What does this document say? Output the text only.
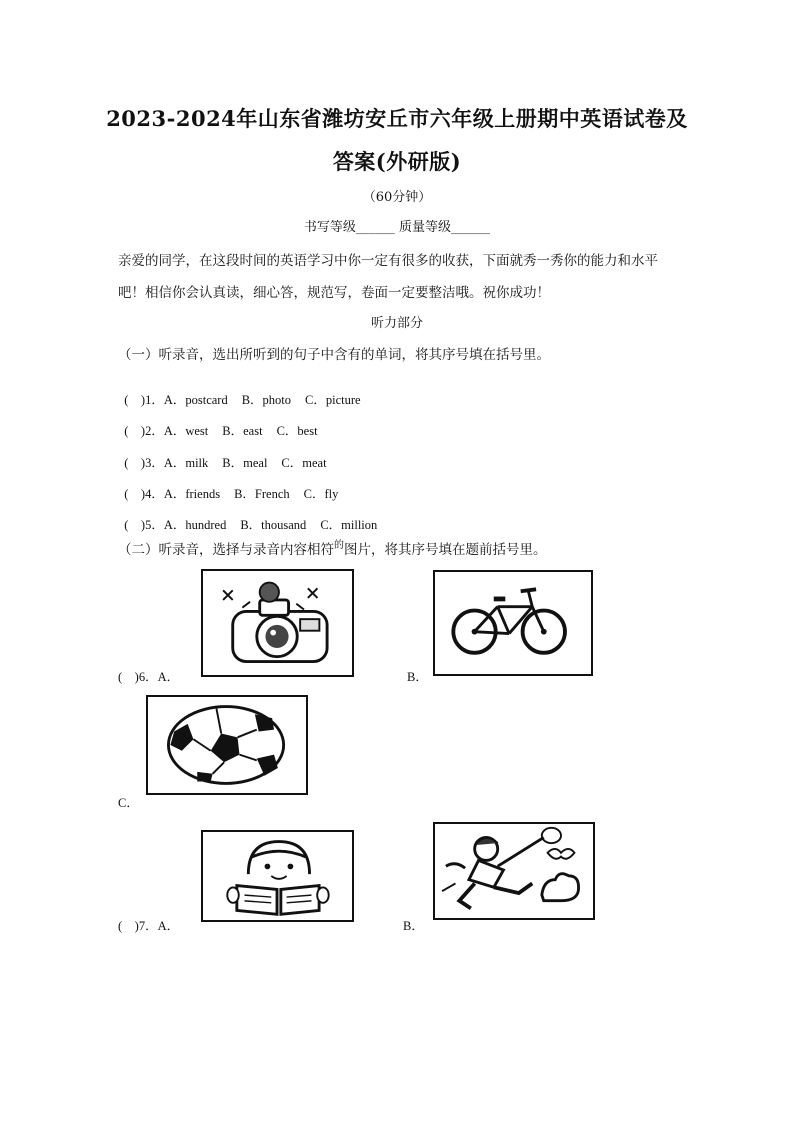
2023-2024年山东省潍坊安丘市六年级上册期中英语试卷及
答案(外研版)
（60分钟）
书写等级______ 质量等级______
亲爱的同学，在这段时间的英语学习中你一定有很多的收获，下面就秀一秀你的能力和水平
吧！相信你会认真读，细心答，规范写，卷面一定要整洁哦。祝你成功！
听力部分
（一）听录音，选出所听到的句子中含有的单词，将其序号填在括号里。

(    )1．A．postcard B．photo C．picture

(    )2．A．west B．east C．best

(    )3．A．milk B．meal C．meat

(    )4．A．friends B．French C．fly

(    )5．A．hundred B．thousand C．million

（二）听录音，选择与录音内容相符$^的$图片，将其序号填在题前括号里。
(    )6．A．	B．
C．
(    )7．A．	B．
